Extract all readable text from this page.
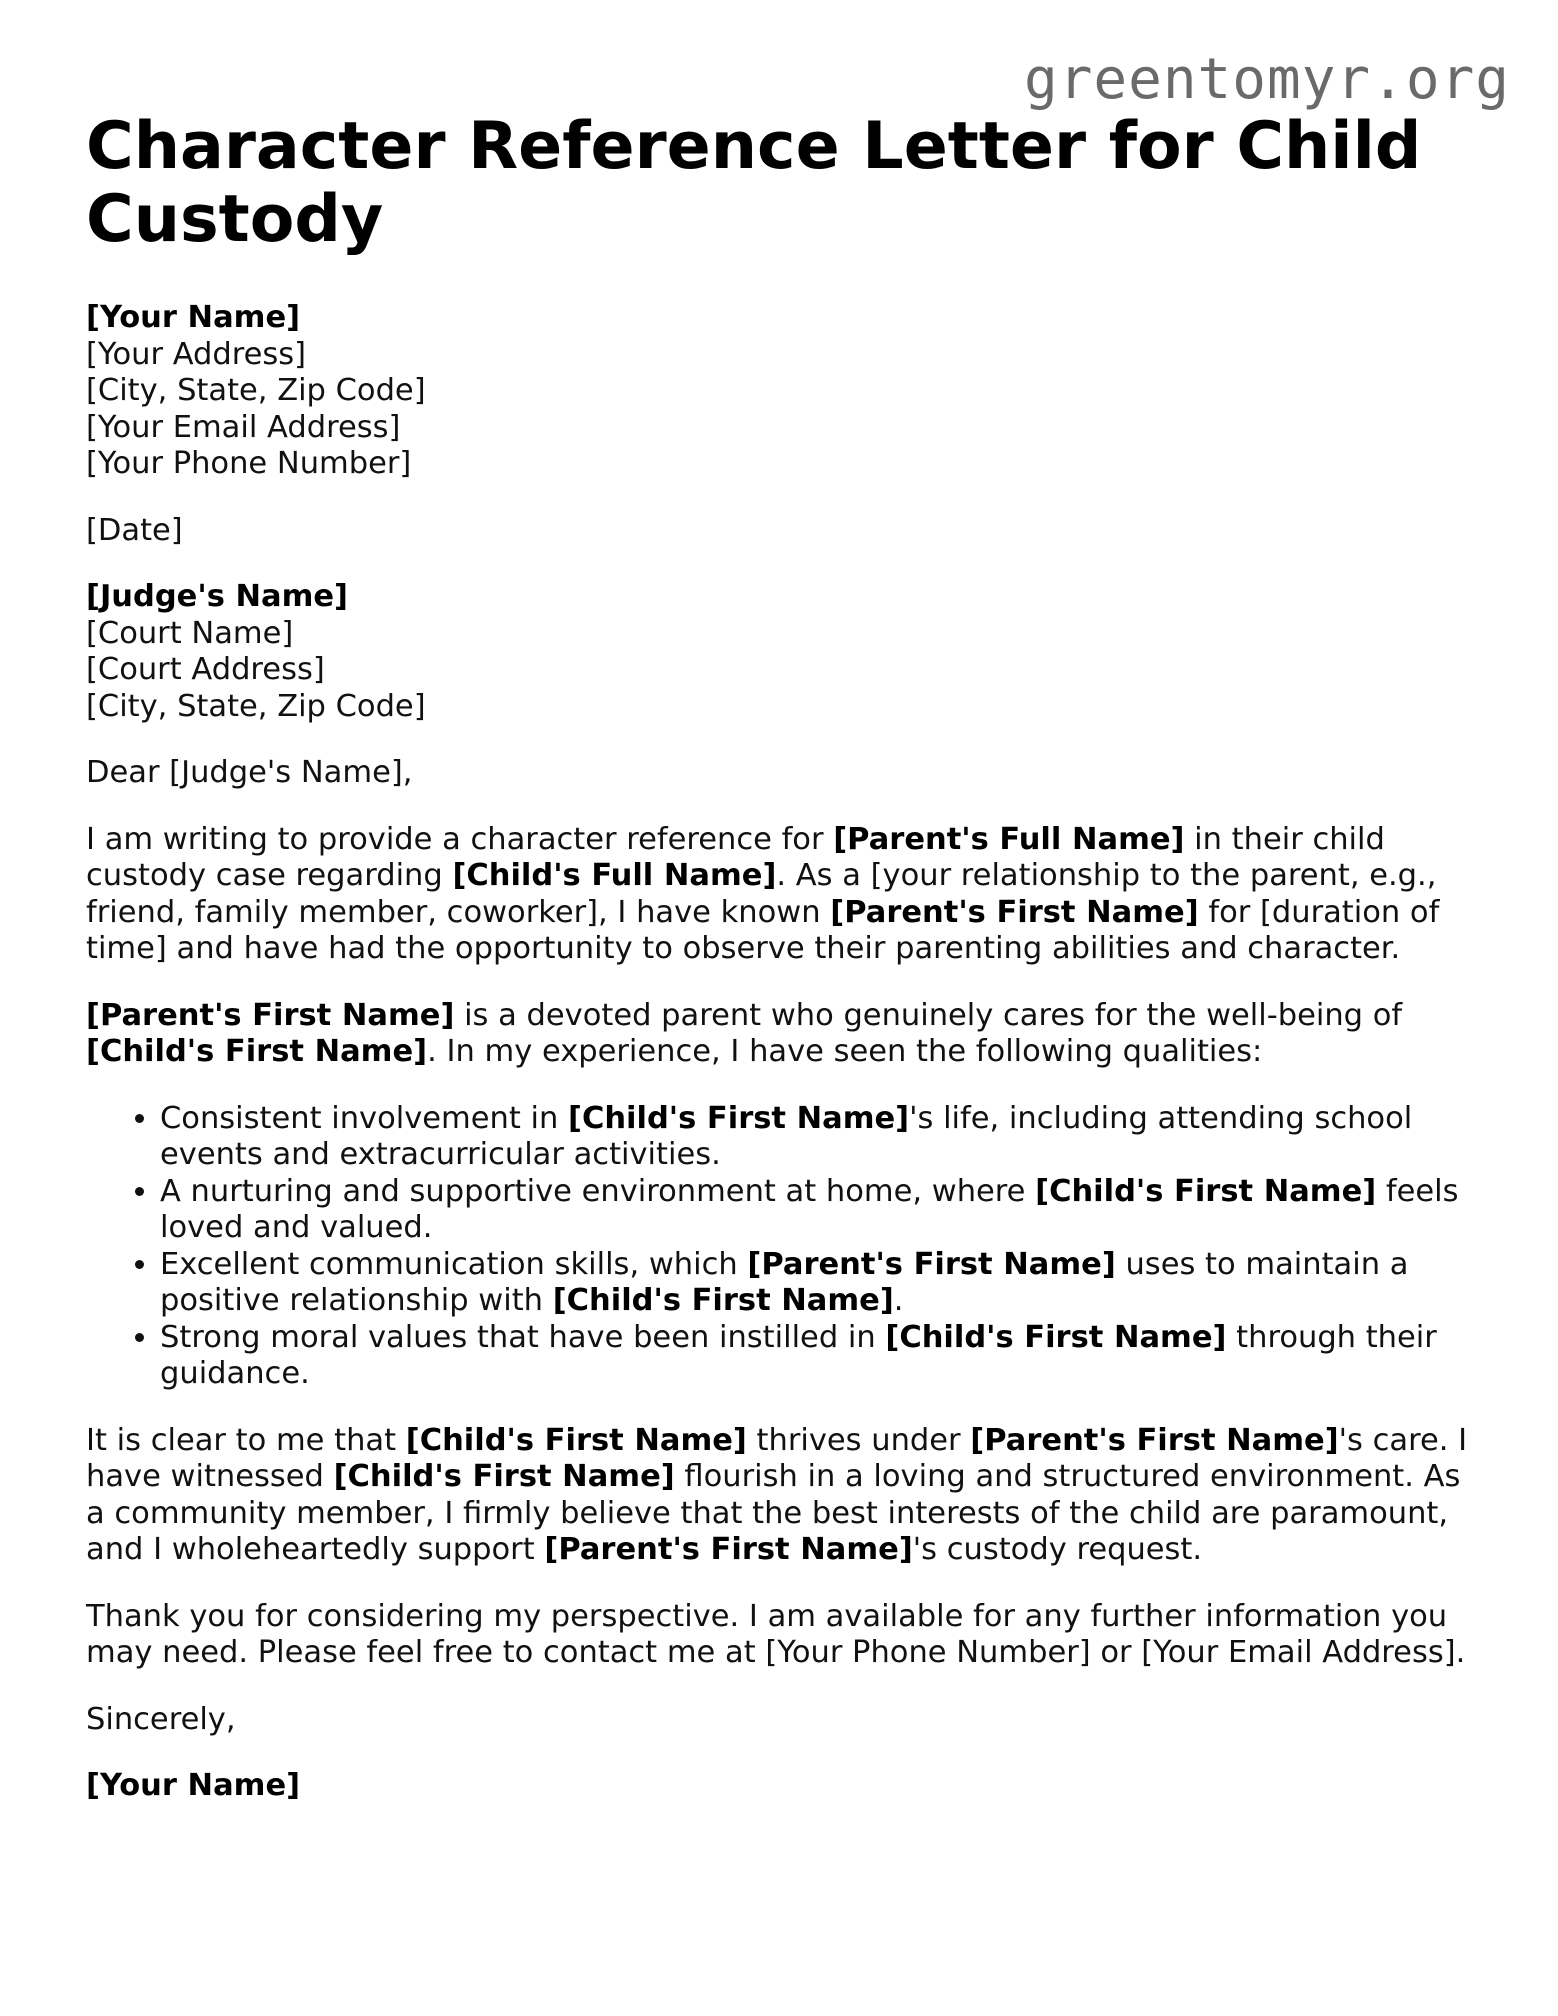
greentomyr.org
Character Reference Letter for Child Custody
[Your Name]
[Your Address]
[City, State, Zip Code]
[Your Email Address]
[Your Phone Number]
[Date]
[Judge's Name]
[Court Name]
[Court Address]
[City, State, Zip Code]

Dear [Judge's Name],

I am writing to provide a character reference for [Parent's Full Name] in their child custody case regarding [Child's Full Name]. As a [your relationship to the parent, e.g., friend, family member, coworker], I have known [Parent's First Name] for [duration of time] and have had the opportunity to observe their parenting abilities and character.

[Parent's First Name] is a devoted parent who genuinely cares for the well-being of [Child's First Name]. In my experience, I have seen the following qualities:

• Consistent involvement in [Child's First Name]'s life, including attending school events and extracurricular activities.
• A nurturing and supportive environment at home, where [Child's First Name] feels loved and valued.
• Excellent communication skills, which [Parent's First Name] uses to maintain a positive relationship with [Child's First Name].
• Strong moral values that have been instilled in [Child's First Name] through their guidance.

It is clear to me that [Child's First Name] thrives under [Parent's First Name]'s care. I have witnessed [Child's First Name] flourish in a loving and structured environment. As a community member, I firmly believe that the best interests of the child are paramount, and I wholeheartedly support [Parent's First Name]'s custody request.

Thank you for considering my perspective. I am available for any further information you may need. Please feel free to contact me at [Your Phone Number] or [Your Email Address].

Sincerely,

[Your Name]
